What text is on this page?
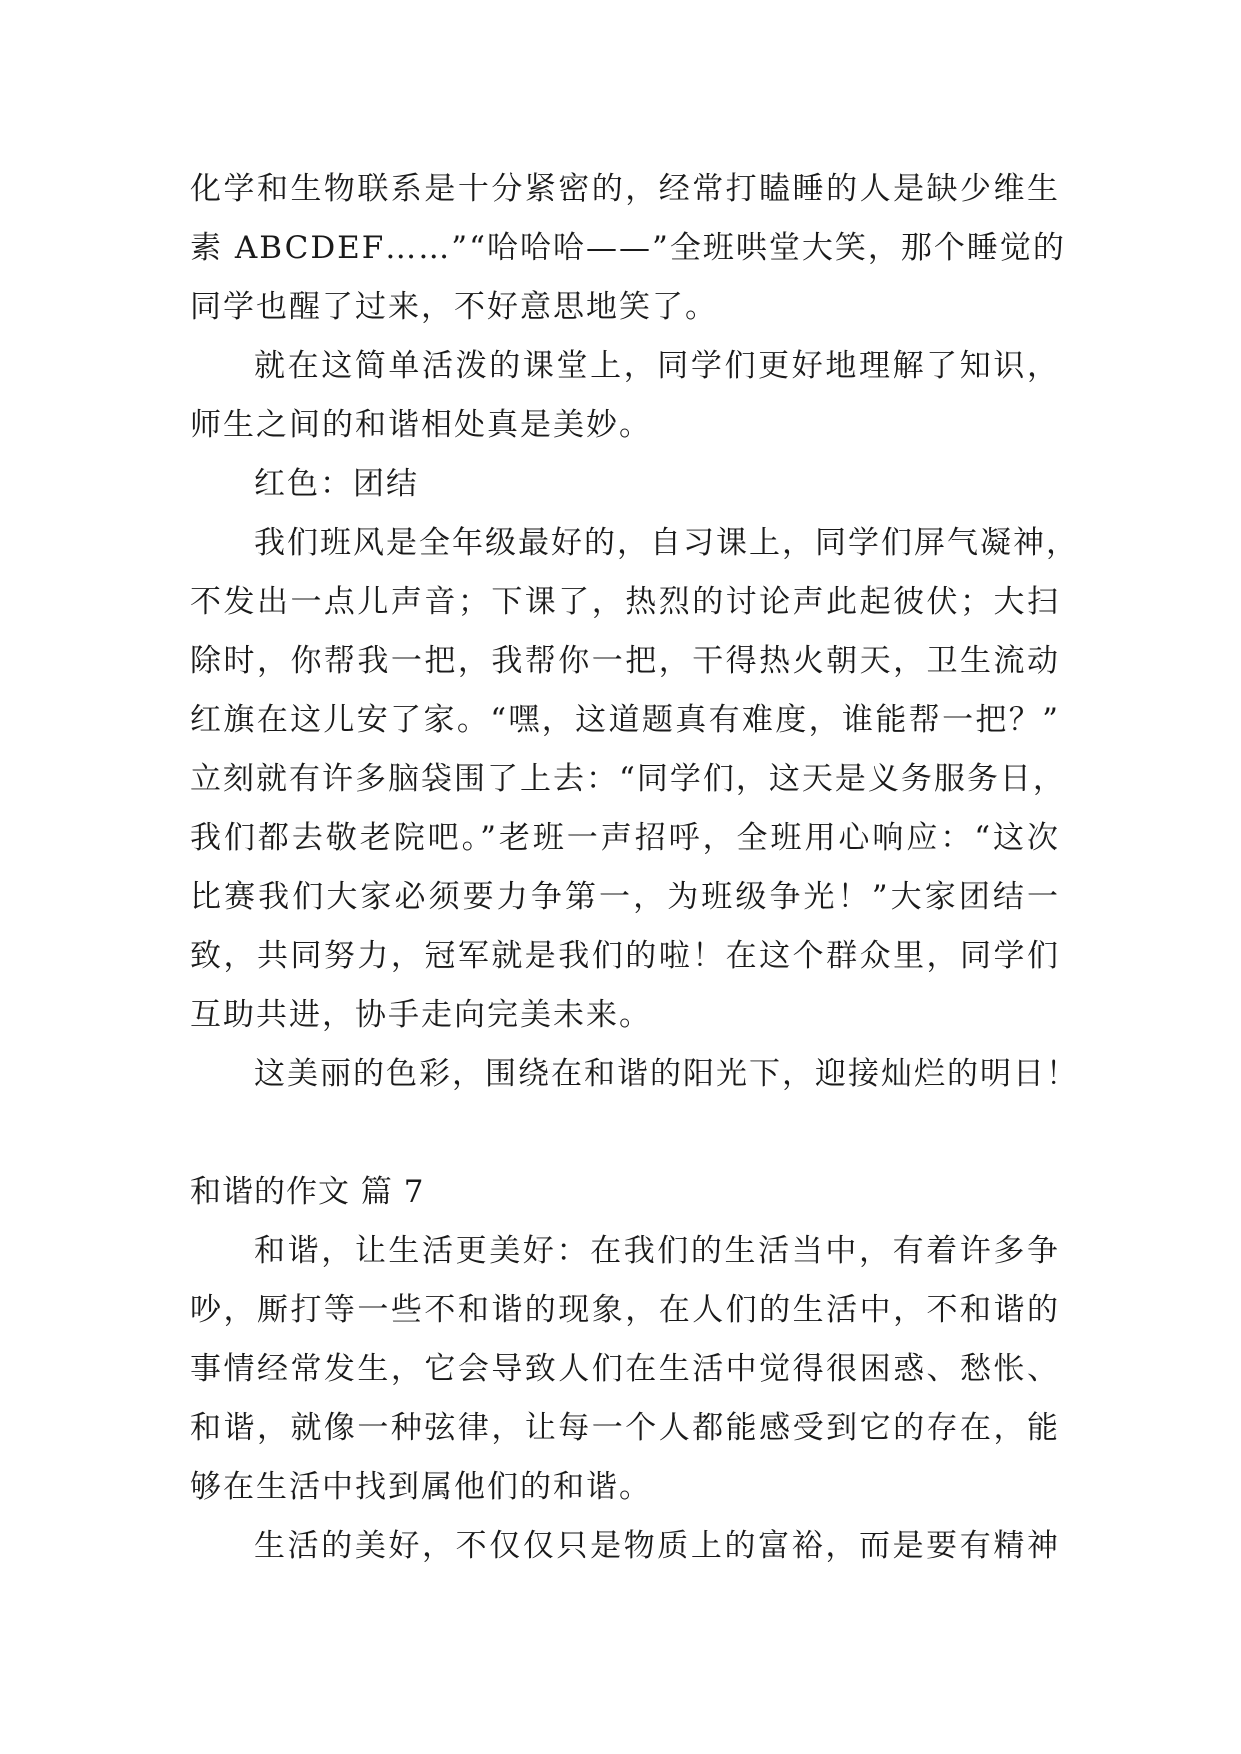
化学和生物联系是十分紧密的，经常打瞌睡的人是缺少维生
素 ABCDEF……”“哈哈哈——”全班哄堂大笑，那个睡觉的
同学也醒了过来，不好意思地笑了。
就在这简单活泼的课堂上，同学们更好地理解了知识，
师生之间的和谐相处真是美妙。
红色：团结
我们班风是全年级最好的，自习课上，同学们屏气凝神，
不发出一点儿声音；下课了，热烈的讨论声此起彼伏；大扫
除时，你帮我一把，我帮你一把，干得热火朝天，卫生流动
红旗在这儿安了家。“嘿，这道题真有难度，谁能帮一把？”
立刻就有许多脑袋围了上去：“同学们，这天是义务服务日，
我们都去敬老院吧。”老班一声招呼，全班用心响应：“这次
比赛我们大家必须要力争第一，为班级争光！”大家团结一
致，共同努力，冠军就是我们的啦！在这个群众里，同学们
互助共进，协手走向完美未来。
这美丽的色彩，围绕在和谐的阳光下，迎接灿烂的明日！
和谐的作文 篇 7
和谐，让生活更美好：在我们的生活当中，有着许多争
吵，厮打等一些不和谐的现象，在人们的生活中，不和谐的
事情经常发生，它会导致人们在生活中觉得很困惑、愁怅、
和谐，就像一种弦律，让每一个人都能感受到它的存在，能
够在生活中找到属他们的和谐。
生活的美好，不仅仅只是物质上的富裕，而是要有精神
